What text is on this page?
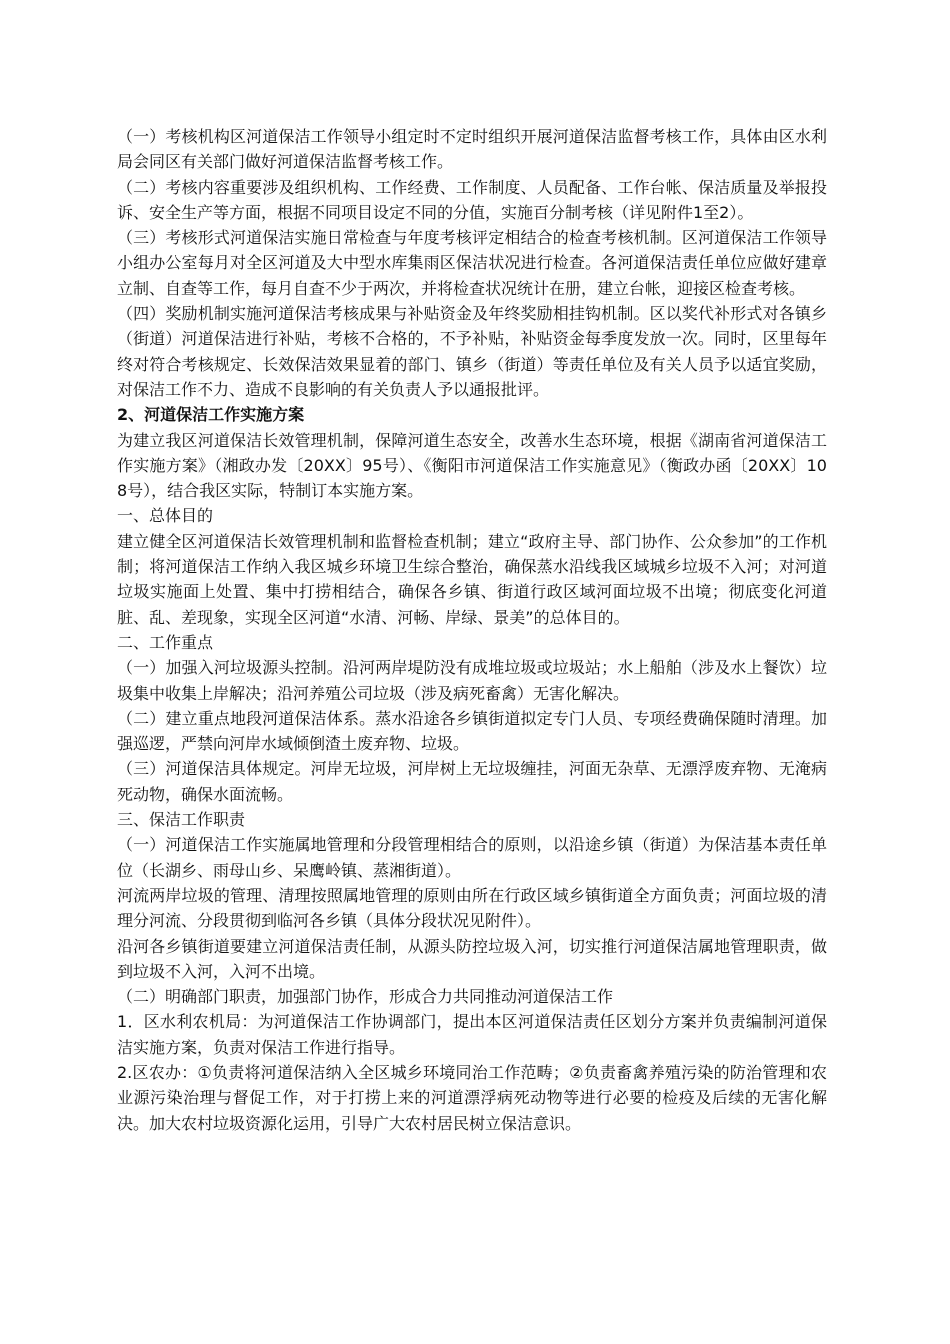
（一）考核机构区河道保洁工作领导小组定时不定时组织开展河道保洁监督考核工作，具体由区水利局会同区有关部门做好河道保洁监督考核工作。

（二）考核内容重要涉及组织机构、工作经费、工作制度、人员配备、工作台帐、保洁质量及举报投诉、安全生产等方面，根据不同项目设定不同的分值，实施百分制考核（详见附件1至2）。

（三）考核形式河道保洁实施日常检查与年度考核评定相结合的检查考核机制。区河道保洁工作领导小组办公室每月对全区河道及大中型水库集雨区保洁状况进行检查。各河道保洁责任单位应做好建章立制、自查等工作，每月自查不少于两次，并将检查状况统计在册，建立台帐，迎接区检查考核。

（四）奖励机制实施河道保洁考核成果与补贴资金及年终奖励相挂钩机制。区以奖代补形式对各镇乡（街道）河道保洁进行补贴，考核不合格的，不予补贴，补贴资金每季度发放一次。同时，区里每年终对符合考核规定、长效保洁效果显着的部门、镇乡（街道）等责任单位及有关人员予以适宜奖励，对保洁工作不力、造成不良影响的有关负责人予以通报批评。

2、河道保洁工作实施方案

为建立我区河道保洁长效管理机制，保障河道生态安全，改善水生态环境，根据《湖南省河道保洁工作实施方案》（湘政办发〔20XX〕95号）、《衡阳市河道保洁工作实施意见》（衡政办函〔20XX〕108号），结合我区实际，特制订本实施方案。

一、总体目的

建立健全区河道保洁长效管理机制和监督检查机制；建立“政府主导、部门协作、公众参加”的工作机制；将河道保洁工作纳入我区城乡环境卫生综合整治，确保蒸水沿线我区域城乡垃圾不入河；对河道垃圾实施面上处置、集中打捞相结合，确保各乡镇、街道行政区域河面垃圾不出境；彻底变化河道脏、乱、差现象，实现全区河道“水清、河畅、岸绿、景美”的总体目的。

二、工作重点

（一）加强入河垃圾源头控制。沿河两岸堤防没有成堆垃圾或垃圾站；水上船舶（涉及水上餐饮）垃圾集中收集上岸解决；沿河养殖公司垃圾（涉及病死畜禽）无害化解决。

（二）建立重点地段河道保洁体系。蒸水沿途各乡镇街道拟定专门人员、专项经费确保随时清理。加强巡逻，严禁向河岸水域倾倒渣土废弃物、垃圾。

（三）河道保洁具体规定。河岸无垃圾，河岸树上无垃圾缠挂，河面无杂草、无漂浮废弃物、无淹病死动物，确保水面流畅。

三、保洁工作职责

（一）河道保洁工作实施属地管理和分段管理相结合的原则，以沿途乡镇（街道）为保洁基本责任单位（长湖乡、雨母山乡、呆鹰岭镇、蒸湘街道）。

河流两岸垃圾的管理、清理按照属地管理的原则由所在行政区域乡镇街道全方面负责；河面垃圾的清理分河流、分段贯彻到临河各乡镇（具体分段状况见附件）。

沿河各乡镇街道要建立河道保洁责任制，从源头防控垃圾入河，切实推行河道保洁属地管理职责，做到垃圾不入河，入河不出境。

（二）明确部门职责，加强部门协作，形成合力共同推动河道保洁工作

1．区水利农机局：为河道保洁工作协调部门，提出本区河道保洁责任区划分方案并负责编制河道保洁实施方案，负责对保洁工作进行指导。

2.区农办：①负责将河道保洁纳入全区城乡环境同治工作范畴；②负责畜禽养殖污染的防治管理和农业源污染治理与督促工作，对于打捞上来的河道漂浮病死动物等进行必要的检疫及后续的无害化解决。加大农村垃圾资源化运用，引导广大农村居民树立保洁意识。
